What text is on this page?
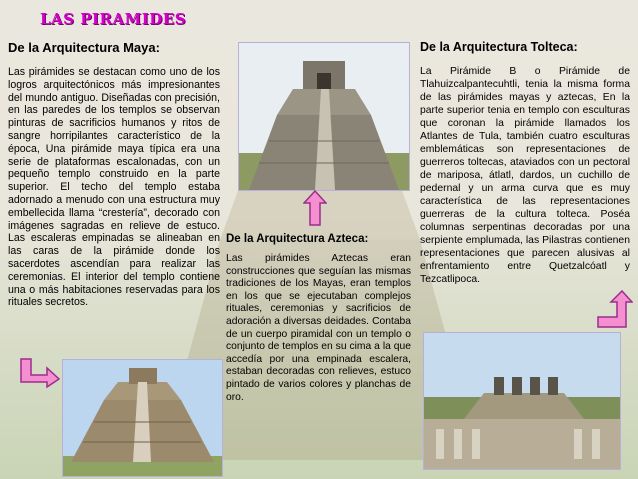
LAS PIRAMIDES

De la Arquitectura Maya:

Las pirámides se destacan como uno de los logros arquitectónicos más impresionantes del mundo antiguo. Diseñadas con precisión, en las paredes de los templos se observan pinturas de sacrificios humanos y ritos de sangre horripilantes característico de la época, Una pirámide maya típica era una serie de plataformas escalonadas, con un pequeño templo construido en la parte superior. El techo del templo estaba adornado a menudo con una estructura muy embellecida llama “crestería”, decorado con imágenes sagradas en relieve de estuco. Las escaleras empinadas se alineaban en las caras de la pirámide donde los sacerdotes ascendían para realizar las ceremonias. El interior del templo contiene una o más habitaciones reservadas para los rituales secretos.

De la Arquitectura Azteca:

Las pirámides Aztecas eran construcciones que seguían las mismas tradiciones de los Mayas, eran templos en los que se ejecutaban complejos rituales, ceremonias y sacrificios de adoración a diversas deidades. Contaba de un cuerpo piramidal con un templo o conjunto de templos en su cima a la que accedía por una empinada escalera, estaban decoradas con relieves, estuco pintado de varios colores y planchas de oro.

De la Arquitectura Tolteca:

La Pirámide B o Pirámide de Tlahuizcalpantecuhtli, tenia la misma forma de las pirámides mayas y aztecas, En la parte superior tenia en templo con esculturas que coronan la pirámide llamados los Atlantes de Tula, también cuatro esculturas emblemáticas son representaciones de guerreros toltecas, ataviados con un pectoral de mariposa, átlatl, dardos, un cuchillo de pedernal y un arma curva que es muy característica de las representaciones guerreras de la cultura tolteca. Poséa columnas serpentinas decoradas por una serpiente emplumada, las Pilastras contienen representaciones que parecen alusivas al enfrentamiento entre Quetzalcóatl y Tezcatlipoca.
